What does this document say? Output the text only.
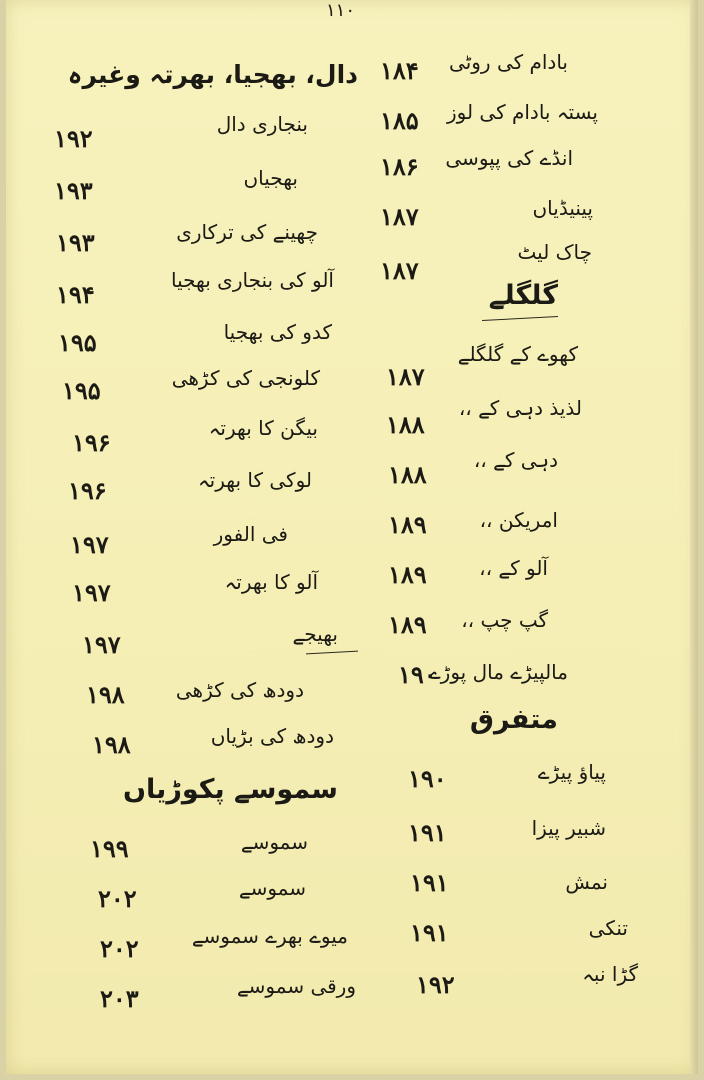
۱۱۰
بادام کی روٹی
۱۸۴
پستہ بادام کی لوز
۱۸۵
انڈے کی پپوسی
۱۸۶
پینیڈیاں
۱۸۷
چاک لیٹ
۱۸۷
گلگلے
کھوے کے گلگلے
۱۸۷
لذیذ دہی کے ،،
۱۸۸
دہی کے ،،
۱۸۸
امریکن ،،
۱۸۹
آلو کے ،،
۱۸۹
گپ چپ ،،
۱۸۹
مالپیڑے مال پوڑے
۱۹۰
متفرق
پیاؤ پیڑے
۱۹۰
شبیر پیزا
۱۹۱
نمش
۱۹۱
تنکی
۱۹۱
گڑا نبہ
۱۹۲
دال، بھجیا، بھرتہ وغیرہ
بنجاری دال
۱۹۲
بھجیاں
۱۹۳
چھینے کی ترکاری
۱۹۳
آلو کی بنجاری بھجیا
۱۹۴
کدو کی بھجیا
۱۹۵
کلونجی کی کڑھی
۱۹۵
بیگن کا بھرتہ
۱۹۶
لوکی کا بھرتہ
۱۹۶
فی الفور
۱۹۷
آلو کا بھرتہ
۱۹۷
بھیجے
۱۹۷
دودھ کی کڑھی
۱۹۸
دودھ کی بڑیاں
۱۹۸
سموسے پکوڑیاں
سموسے
۱۹۹
سموسے
۲۰۲
میوے بھرے سموسے
۲۰۲
ورقی سموسے
۲۰۳
